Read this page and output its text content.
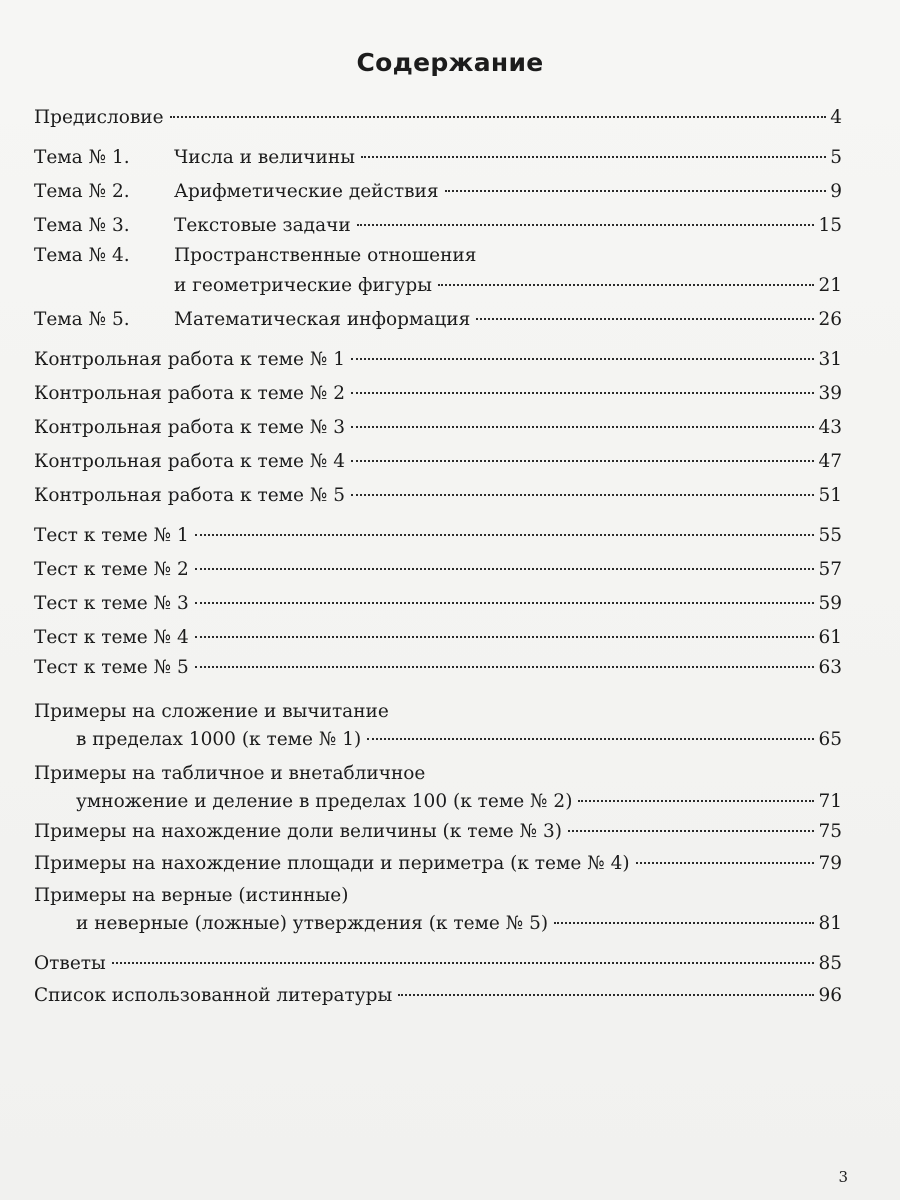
Содержание
Предисловие	4
Тема № 1.	Числа и величины	5
Тема № 2.	Арифметические действия	9
Тема № 3.	Текстовые задачи	15
Тема № 4. Пространственные отношения
и геометрические фигуры	21
Тема № 5.	Математическая информация	26
Контрольная работа к теме № 1	31
Контрольная работа к теме № 2	39
Контрольная работа к теме № 3	43
Контрольная работа к теме № 4	47
Контрольная работа к теме № 5	51
Тест к теме № 1	55
Тест к теме № 2	57
Тест к теме № 3	59
Тест к теме № 4	61
Тест к теме № 5	63
Примеры на сложение и вычитание
в пределах 1000 (к теме № 1)	65
Примеры на табличное и внетабличное
умножение и деление в пределах 100 (к теме № 2)	71
Примеры на нахождение доли величины (к теме № 3)	75
Примеры на нахождение площади и периметра (к теме № 4)	79
Примеры на верные (истинные)
и неверные (ложные) утверждения (к теме № 5)	81
Ответы	85
Список использованной литературы	96
3
